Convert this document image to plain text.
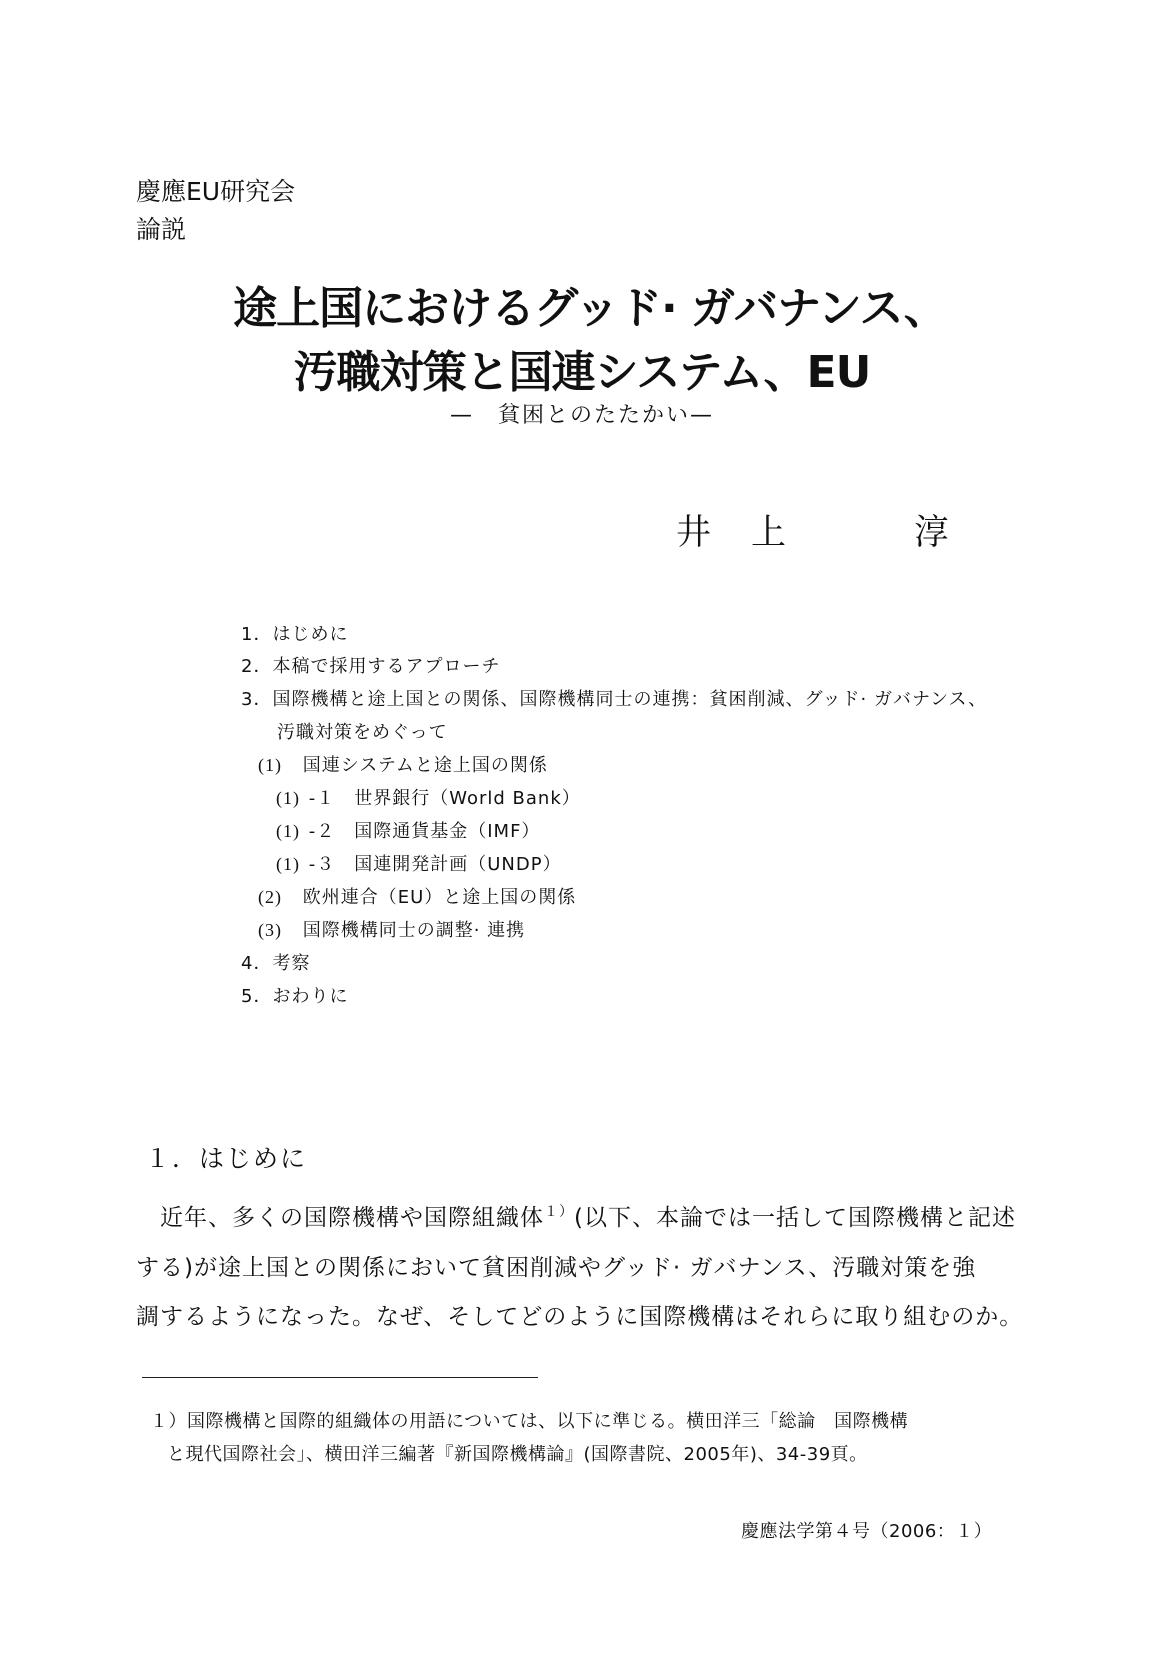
慶應EU研究会
論説
途上国におけるグッド· ガバナンス、
汚職対策と国連システム、EU
—　貧困とのたたかい—
井 上	淳
1．はじめに
2．本稿で採用するアプローチ
3．国際機構と途上国との関係、国際機構同士の連携：貧困削減、グッド· ガバナンス、
汚職対策をめぐって
(1) 国連システムと途上国の関係
(1) -１　世界銀行（World Bank）
(1) -２　国際通貨基金（IMF）
(1) -３　国連開発計画（UNDP）
(2) 欧州連合（EU）と途上国の関係
(3) 国際機構同士の調整· 連携
4．考察
5．おわりに
１．はじめに
近年、多くの国際機構や国際組織体$^{1)}$(以下、本論では一括して国際機構と記述
する)が途上国との関係において貧困削減やグッド· ガバナンス、汚職対策を強
調するようになった。なぜ、そしてどのように国際機構はそれらに取り組むのか。
１）国際機構と国際的組織体の用語については、以下に準じる。横田洋三「総論　国際機構
と現代国際社会」、横田洋三編著『新国際機構論』(国際書院、2005年)、34-39頁。
慶應法学第４号（2006：１）
